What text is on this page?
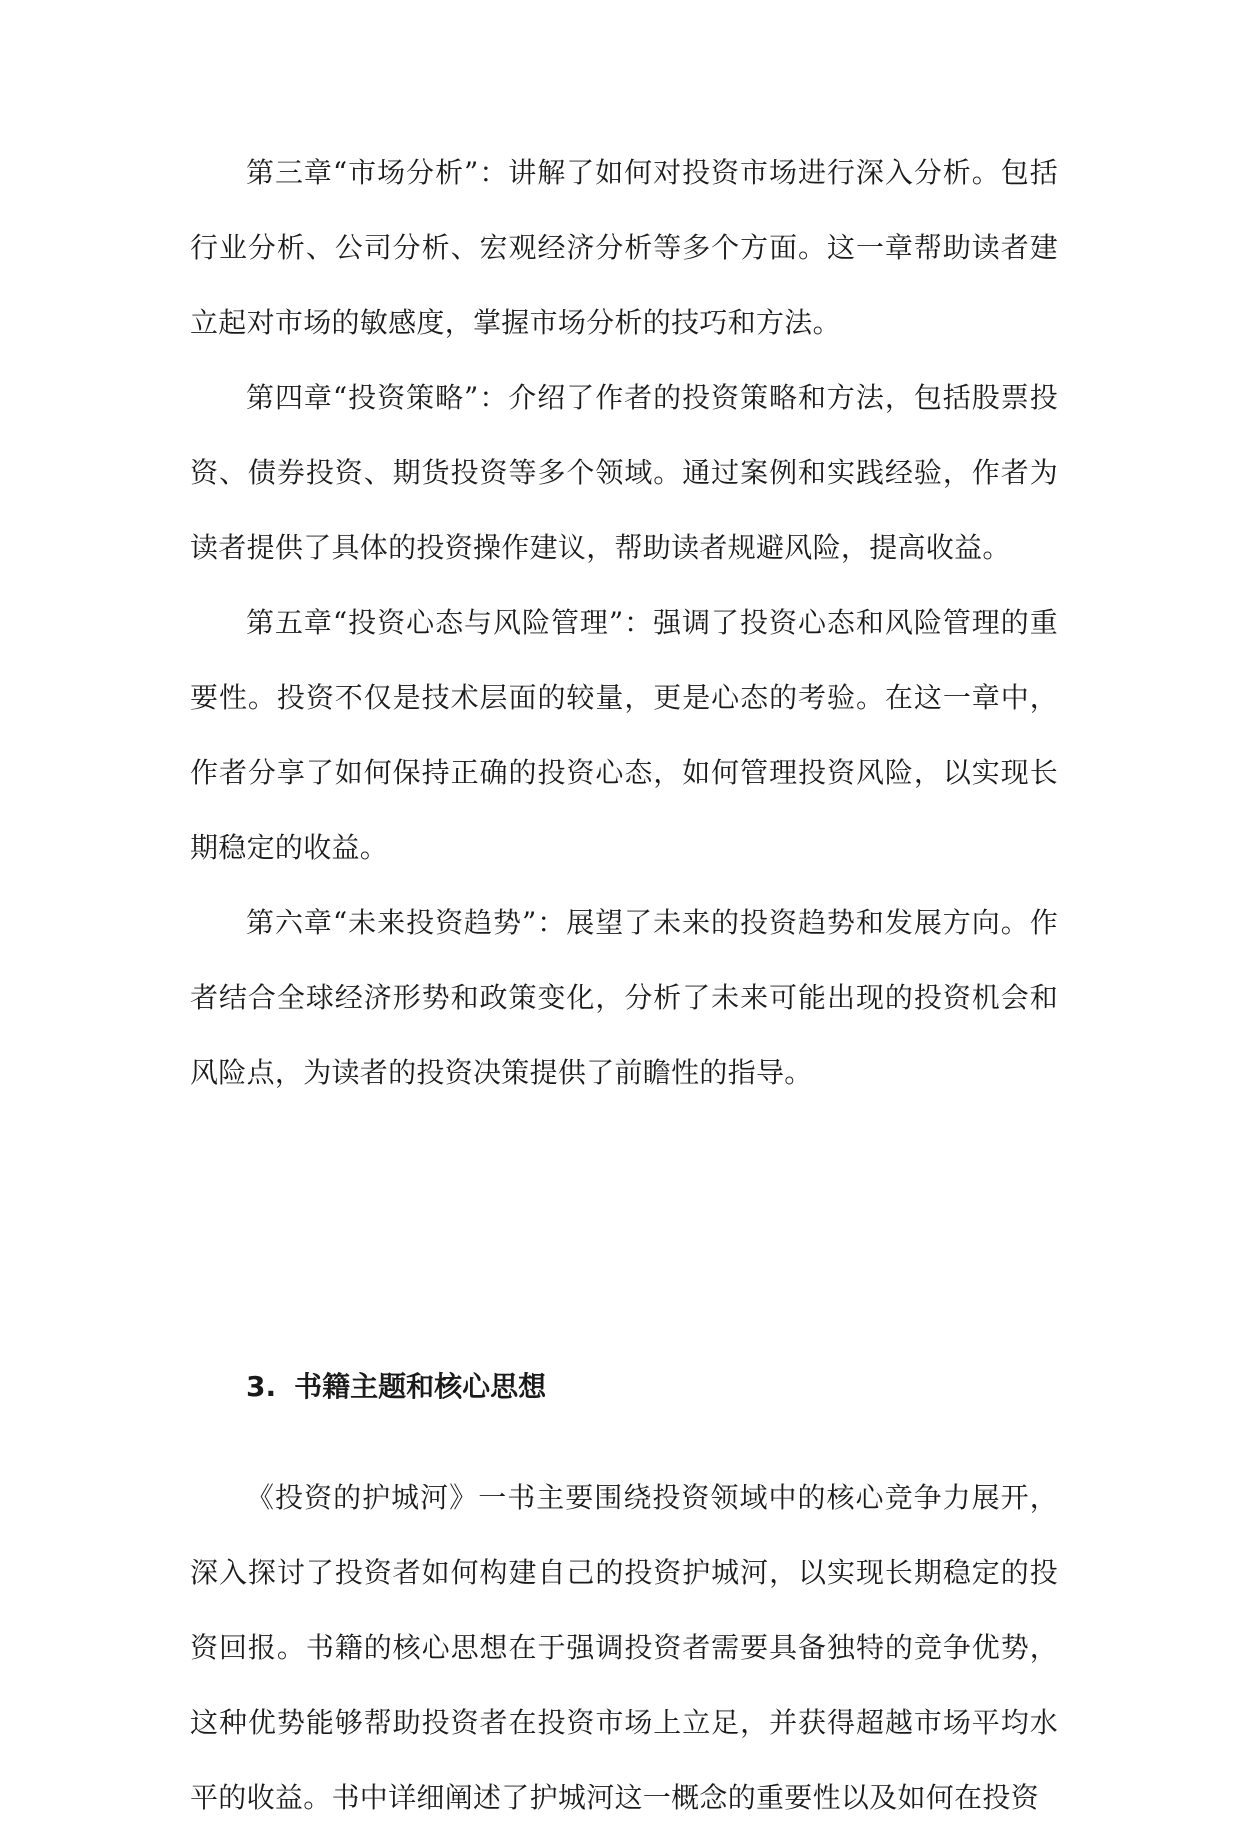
第三章“市场分析”：讲解了如何对投资市场进行深入分析。包括行业分析、公司分析、宏观经济分析等多个方面。这一章帮助读者建立起对市场的敏感度，掌握市场分析的技巧和方法。

第四章“投资策略”：介绍了作者的投资策略和方法，包括股票投资、债券投资、期货投资等多个领域。通过案例和实践经验，作者为读者提供了具体的投资操作建议，帮助读者规避风险，提高收益。

第五章“投资心态与风险管理”：强调了投资心态和风险管理的重要性。投资不仅是技术层面的较量，更是心态的考验。在这一章中，作者分享了如何保持正确的投资心态，如何管理投资风险，以实现长期稳定的收益。

第六章“未来投资趋势”：展望了未来的投资趋势和发展方向。作者结合全球经济形势和政策变化，分析了未来可能出现的投资机会和风险点，为读者的投资决策提供了前瞻性的指导。

3. 书籍主题和核心思想

《投资的护城河》一书主要围绕投资领域中的核心竞争力展开，深入探讨了投资者如何构建自己的投资护城河，以实现长期稳定的投资回报。书籍的核心思想在于强调投资者需要具备独特的竞争优势，这种优势能够帮助投资者在投资市场上立足，并获得超越市场平均水平的收益。书中详细阐述了护城河这一概念的重要性以及如何在投资
